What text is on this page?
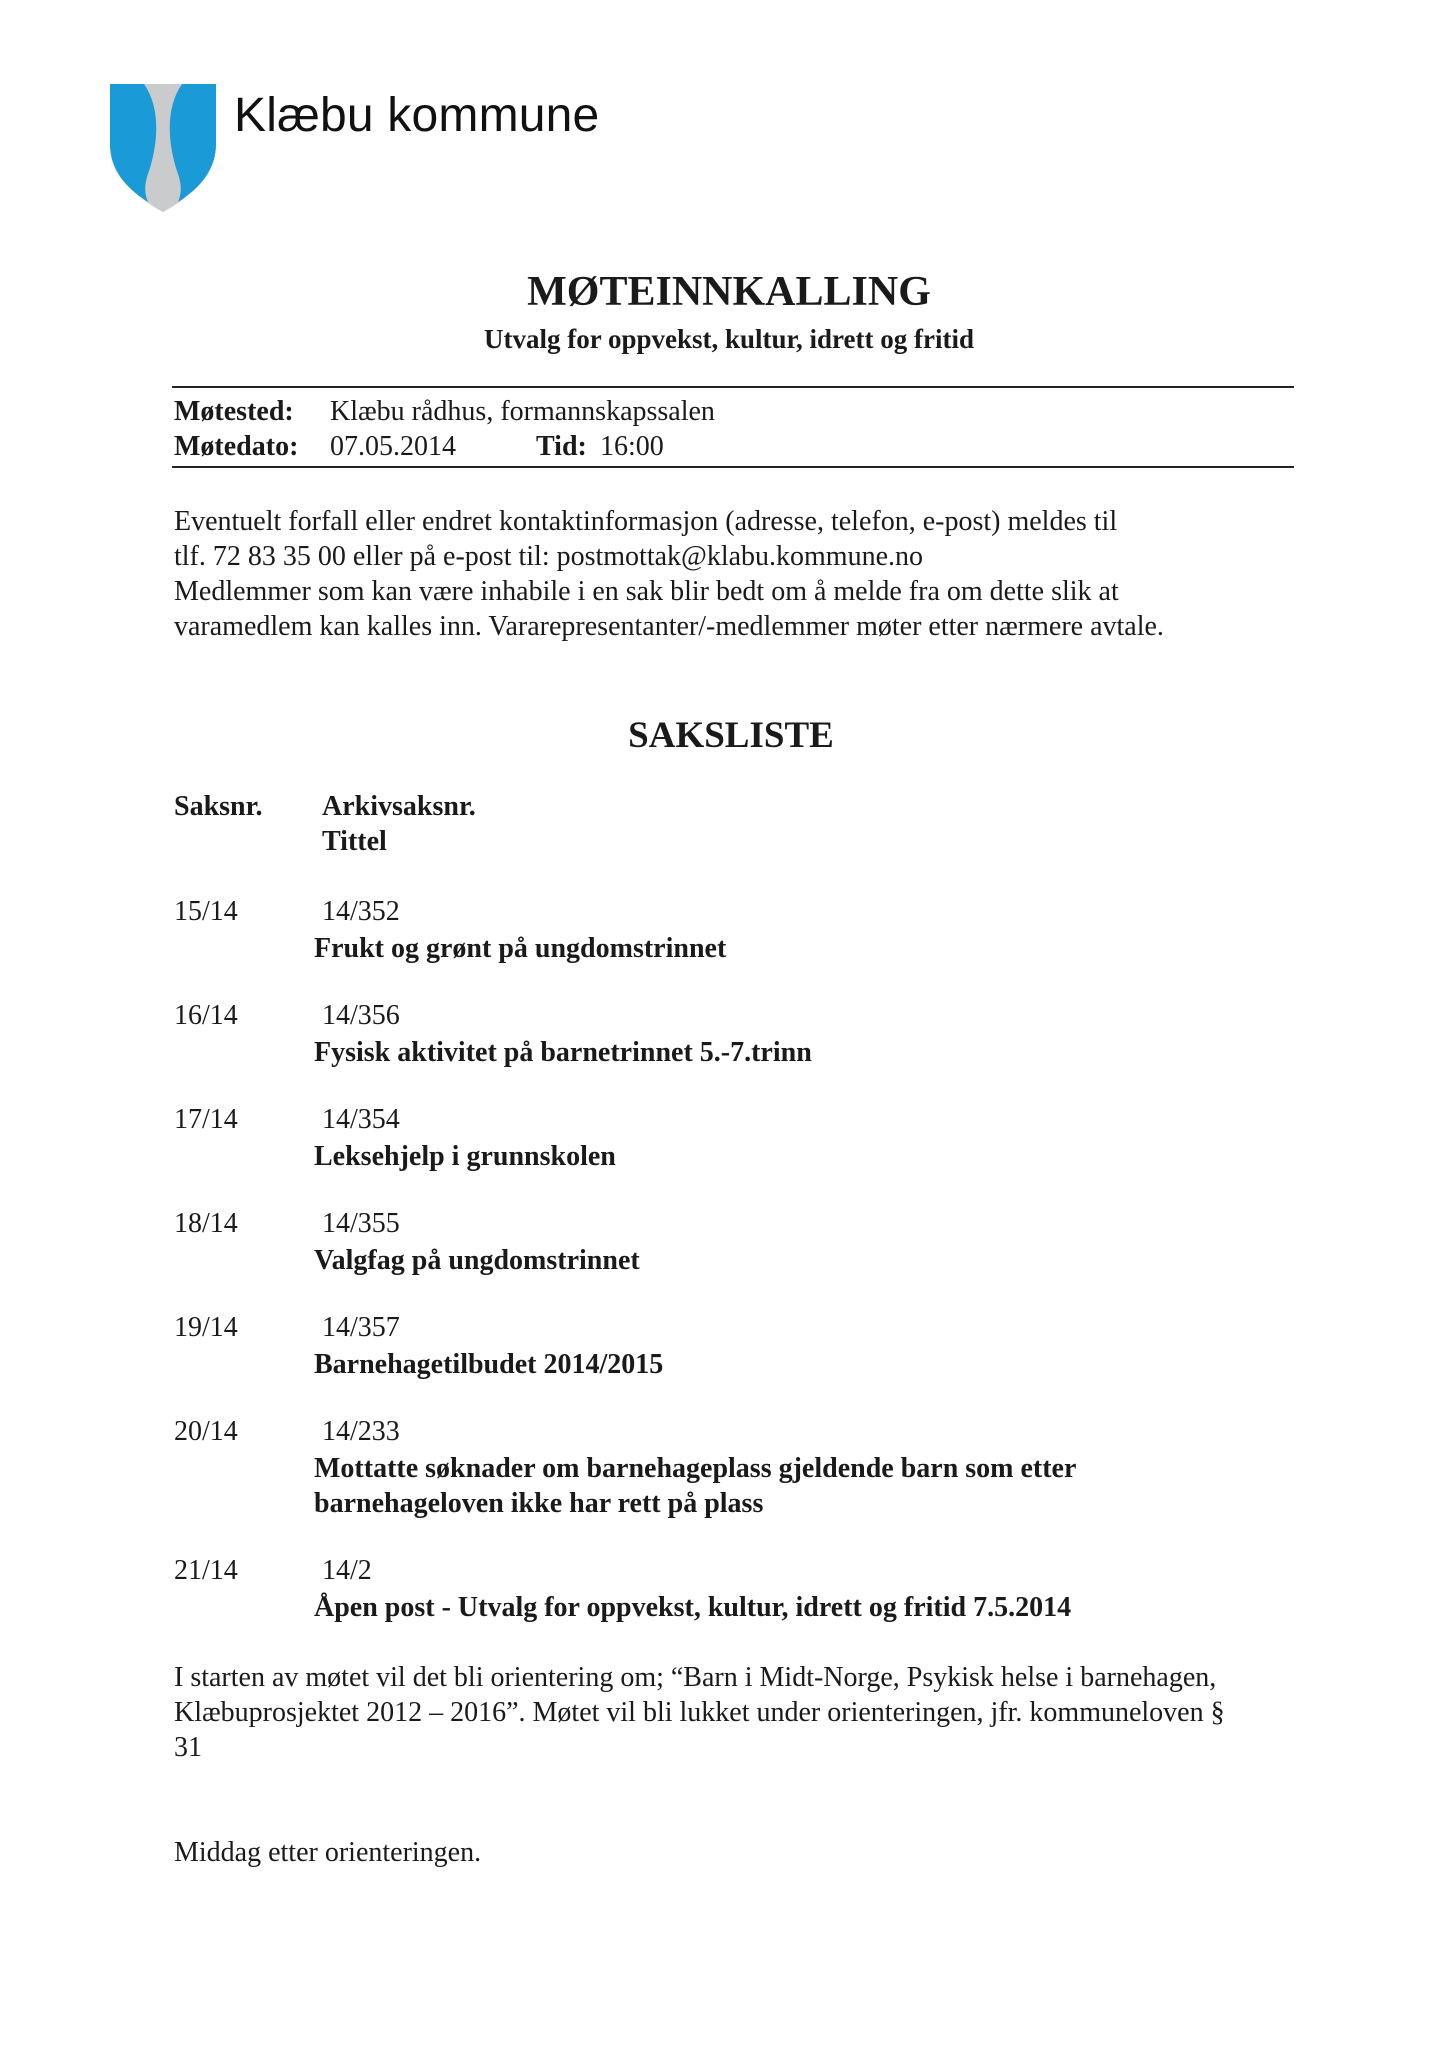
Klæbu kommune
MØTEINNKALLING
Utvalg for oppvekst, kultur, idrett og fritid
Møtested: Klæbu rådhus, formannskapssalen
Møtedato: 07.05.2014	Tid: 16:00
Eventuelt forfall eller endret kontaktinformasjon (adresse, telefon, e-post) meldes til
tlf. 72 83 35 00 eller på e-post til: postmottak@klabu.kommune.no
Medlemmer som kan være inhabile i en sak blir bedt om å melde fra om dette slik at
varamedlem kan kalles inn. Vararepresentanter/-medlemmer møter etter nærmere avtale.
SAKSLISTE
Saksnr. Arkivsaksnr.
Tittel
15/14	14/352
Frukt og grønt på ungdomstrinnet
16/14	14/356
Fysisk aktivitet på barnetrinnet 5.-7.trinn
17/14	14/354
Leksehjelp i grunnskolen
18/14	14/355
Valgfag på ungdomstrinnet
19/14	14/357
Barnehagetilbudet 2014/2015
20/14	14/233
Mottatte søknader om barnehageplass gjeldende barn som etter barnehageloven ikke har rett på plass
21/14	14/2
Åpen post - Utvalg for oppvekst, kultur, idrett og fritid 7.5.2014
I starten av møtet vil det bli orientering om; “Barn i Midt-Norge, Psykisk helse i barnehagen,
Klæbuprosjektet 2012 – 2016”. Møtet vil bli lukket under orienteringen, jfr. kommuneloven §
31
Middag etter orienteringen.
